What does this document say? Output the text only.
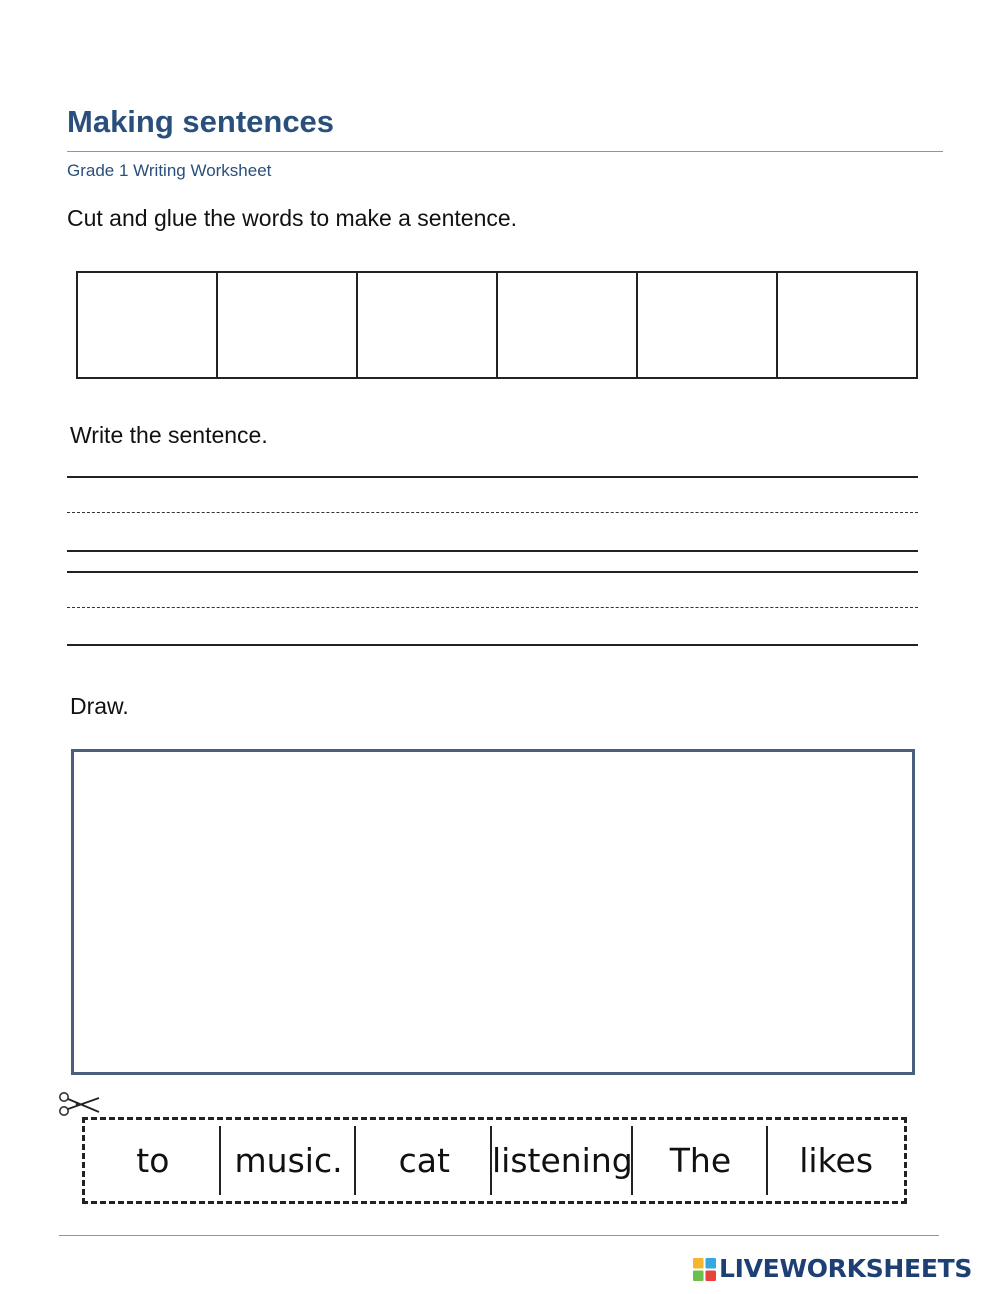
Making sentences
Grade 1 Writing Worksheet
Cut and glue the words to make a sentence.
Write the sentence.
Draw.
to	music.	cat	listening	The	likes
LIVEWORKSHEETS
